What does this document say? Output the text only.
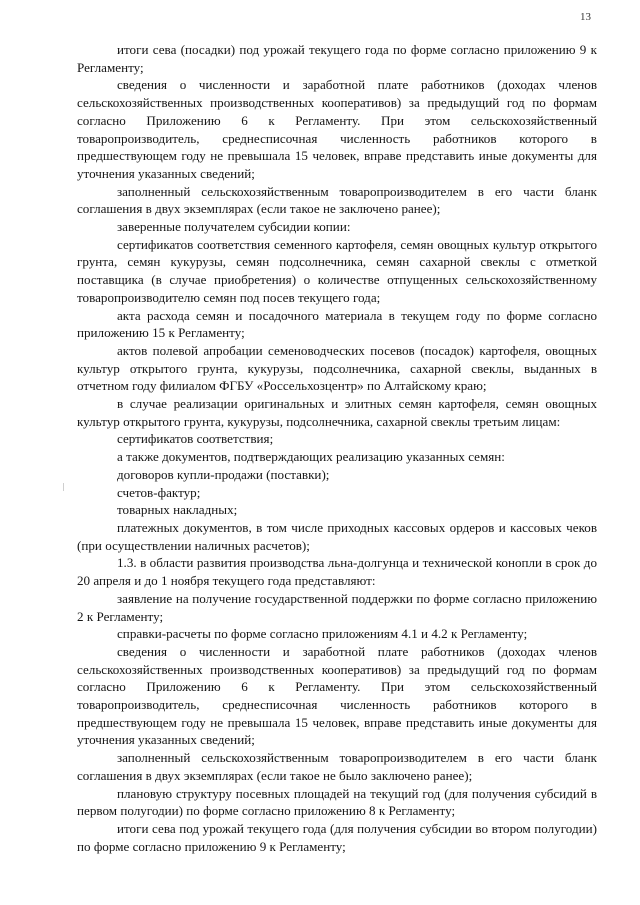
13

итоги сева (посадки) под урожай текущего года по форме согласно приложению 9 к Регламенту;

сведения о численности и заработной плате работников (доходах членов сельскохозяйственных производственных кооперативов) за предыдущий год по формам согласно Приложению 6 к Регламенту. При этом сельскохозяйственный товаропроизводитель, среднесписочная численность работников которого в предшествующем году не превышала 15 человек, вправе представить иные документы для уточнения указанных сведений;

заполненный сельскохозяйственным товаропроизводителем в его части бланк соглашения в двух экземплярах (если такое не заключено ранее);

заверенные получателем субсидии копии:

сертификатов соответствия семенного картофеля, семян овощных культур открытого грунта, семян кукурузы, семян подсолнечника, семян сахарной свеклы с отметкой поставщика (в случае приобретения) о количестве отпущенных сельскохозяйственному товаропроизводителю семян под посев текущего года;

акта расхода семян и посадочного материала в текущем году по форме согласно приложению 15 к Регламенту;

актов полевой апробации семеноводческих посевов (посадок) картофеля, овощных культур открытого грунта, кукурузы, подсолнечника, сахарной свеклы, выданных в отчетном году филиалом ФГБУ «Россельхозцентр» по Алтайскому краю;

в случае реализации оригинальных и элитных семян картофеля, семян овощных культур открытого грунта, кукурузы, подсолнечника, сахарной свеклы третьим лицам:

сертификатов соответствия;

а также документов, подтверждающих реализацию указанных семян:

договоров купли-продажи (поставки);

счетов-фактур;

товарных накладных;

платежных документов, в том числе приходных кассовых ордеров и кассовых чеков (при осуществлении наличных расчетов);

1.3. в области развития производства льна-долгунца и технической конопли в срок до 20 апреля и до 1 ноября текущего года представляют:

заявление на получение государственной поддержки по форме согласно приложению 2 к Регламенту;

справки-расчеты по форме согласно приложениям 4.1 и 4.2 к Регламенту;

сведения о численности и заработной плате работников (доходах членов сельскохозяйственных производственных кооперативов) за предыдущий год по формам согласно Приложению 6 к Регламенту. При этом сельскохозяйственный товаропроизводитель, среднесписочная численность работников которого в предшествующем году не превышала 15 человек, вправе представить иные документы для уточнения указанных сведений;

заполненный сельскохозяйственным товаропроизводителем в его части бланк соглашения в двух экземплярах (если такое не было заключено ранее);

плановую структуру посевных площадей на текущий год (для получения субсидий в первом полугодии) по форме согласно приложению 8 к Регламенту;

итоги сева под урожай текущего года (для получения субсидии во втором полугодии) по форме согласно приложению 9 к Регламенту;
